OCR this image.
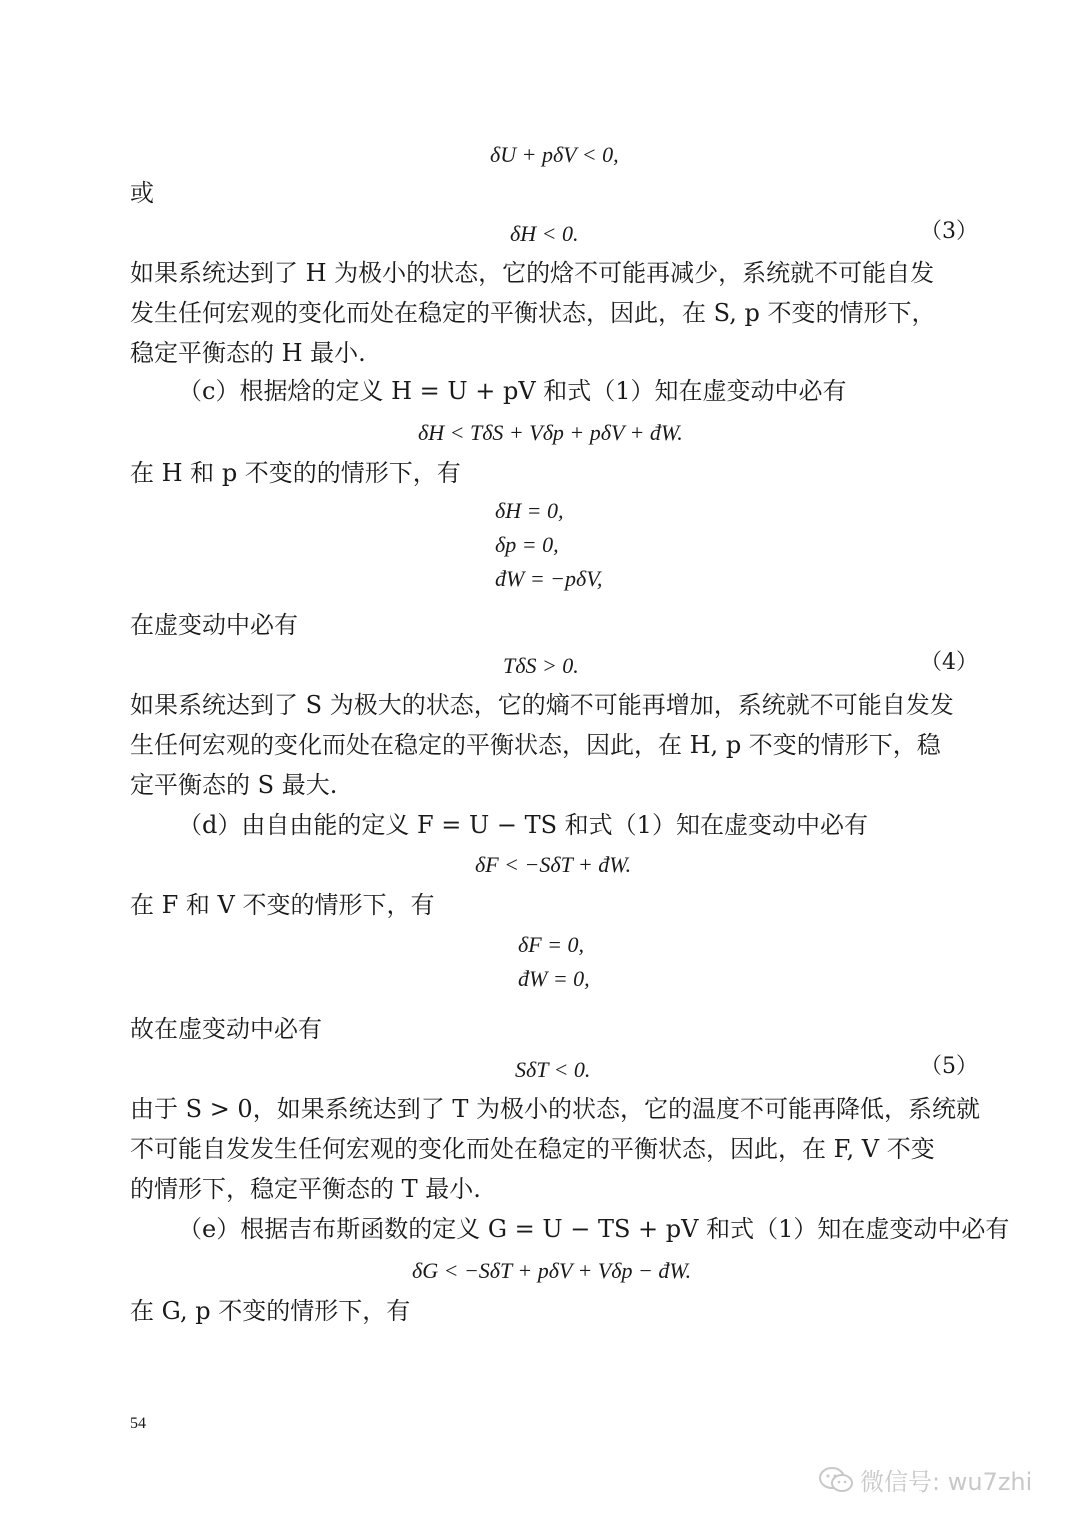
δU + pδV < 0,
或
δH < 0.	（3）
如果系统达到了 H 为极小的状态，它的焓不可能再减少，系统就不可能自发
发生任何宏观的变化而处在稳定的平衡状态，因此，在 S, p 不变的情形下，
稳定平衡态的 H 最小.
（c）根据焓的定义 H = U + pV 和式（1）知在虚变动中必有
δH < TδS + Vδp + pδV + đW.
在 H 和 p 不变的的情形下，有
δH = 0,
δp = 0,
đW = −pδV,
在虚变动中必有
TδS > 0.	（4）
如果系统达到了 S 为极大的状态，它的熵不可能再增加，系统就不可能自发发
生任何宏观的变化而处在稳定的平衡状态，因此，在 H, p 不变的情形下，稳
定平衡态的 S 最大.
（d）由自由能的定义 F = U − TS 和式（1）知在虚变动中必有
δF < −SδT + đW.
在 F 和 V 不变的情形下，有
δF = 0,
đW = 0,
故在虚变动中必有
SδT < 0.	（5）
由于 S > 0，如果系统达到了 T 为极小的状态，它的温度不可能再降低，系统就
不可能自发发生任何宏观的变化而处在稳定的平衡状态，因此，在 F, V 不变
的情形下，稳定平衡态的 T 最小.
（e）根据吉布斯函数的定义 G = U − TS + pV 和式（1）知在虚变动中必有
δG < −SδT + pδV + Vδp − đW.
在 G, p 不变的情形下，有
54
微信号: wu7zhi
